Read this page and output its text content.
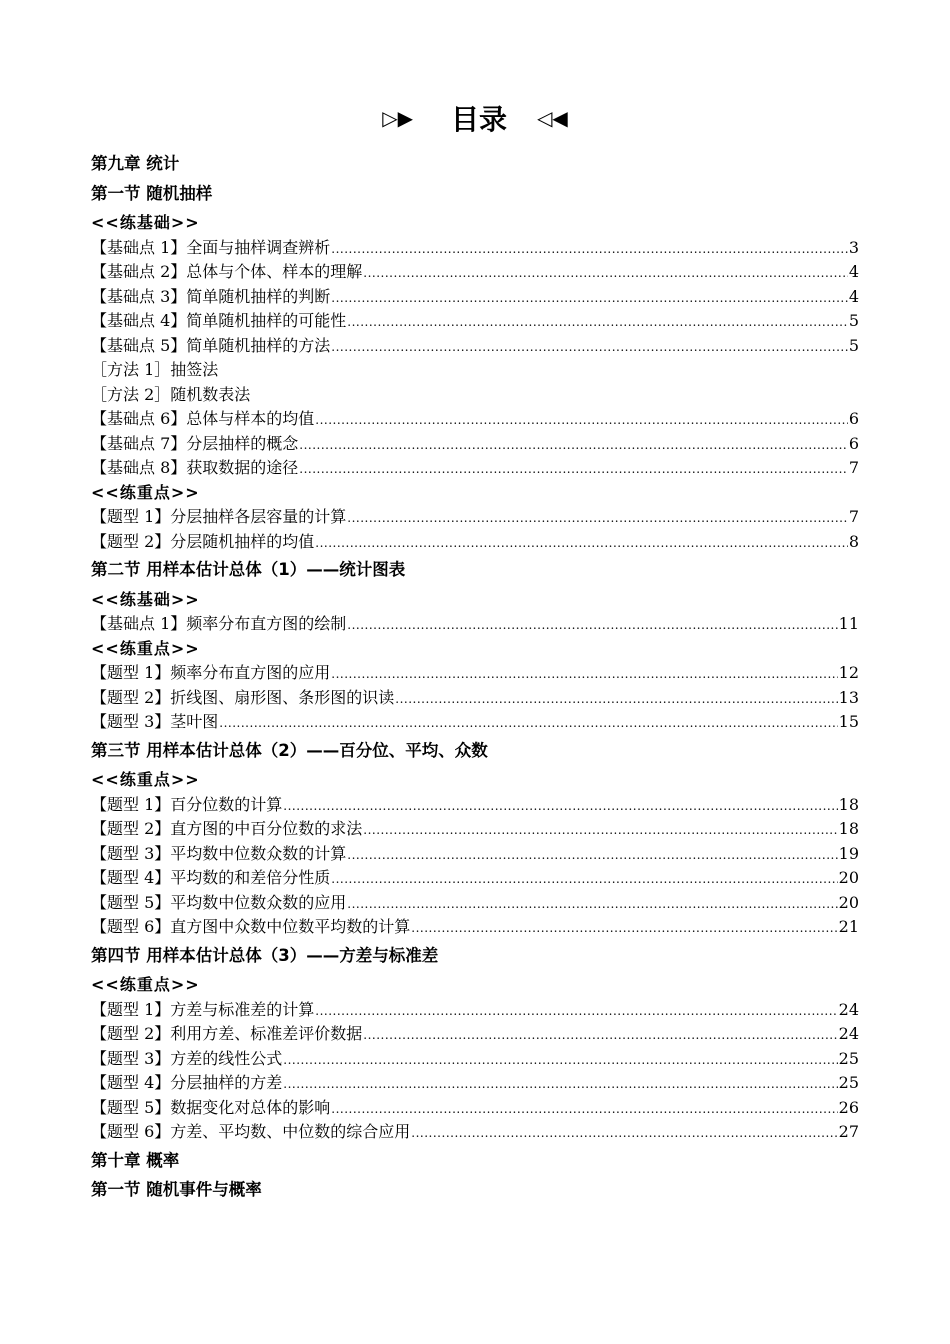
▷▶ 目录 ◁◀
第九章 统计
第一节 随机抽样
<<练基础>>
【基础点 1】 全面与抽样调查辨析 .....	3
【基础点 2】 总体与个体、样本的理解 .....	4
【基础点 3】 简单随机抽样的判断 .....	4
【基础点 4】 简单随机抽样的可能性 .....	5
【基础点 5】 简单随机抽样的方法 .....	5
［方法 1］抽签法
［方法 2］随机数表法
【基础点 6】 总体与样本的均值 .....	6
【基础点 7】 分层抽样的概念 .....	6
【基础点 8】 获取数据的途径 .....	7
<<练重点>>
【题型 1】 分层抽样各层容量的计算 .....	7
【题型 2】 分层随机抽样的均值 .....	8
第二节 用样本估计总体（1）——统计图表
<<练基础>>
【基础点 1】 频率分布直方图的绘制 .....	11
<<练重点>>
【题型 1】 频率分布直方图的应用 .....	12
【题型 2】 折线图、扇形图、条形图的识读 .....	13
【题型 3】 茎叶图 .....	15
第三节 用样本估计总体（2）——百分位、平均、众数
<<练重点>>
【题型 1】 百分位数的计算 .....	18
【题型 2】 直方图的中百分位数的求法 .....	18
【题型 3】 平均数中位数众数的计算 .....	19
【题型 4】 平均数的和差倍分性质 .....	20
【题型 5】 平均数中位数众数的应用 .....	20
【题型 6】 直方图中众数中位数平均数的计算 .....	21
第四节 用样本估计总体（3）——方差与标准差
<<练重点>>
【题型 1】 方差与标准差的计算 .....	24
【题型 2】 利用方差、标准差评价数据 .....	24
【题型 3】 方差的线性公式 .....	25
【题型 4】 分层抽样的方差 .....	25
【题型 5】 数据变化对总体的影响 .....	26
【题型 6】 方差、平均数、中位数的综合应用 .....	27
第十章 概率
第一节 随机事件与概率
